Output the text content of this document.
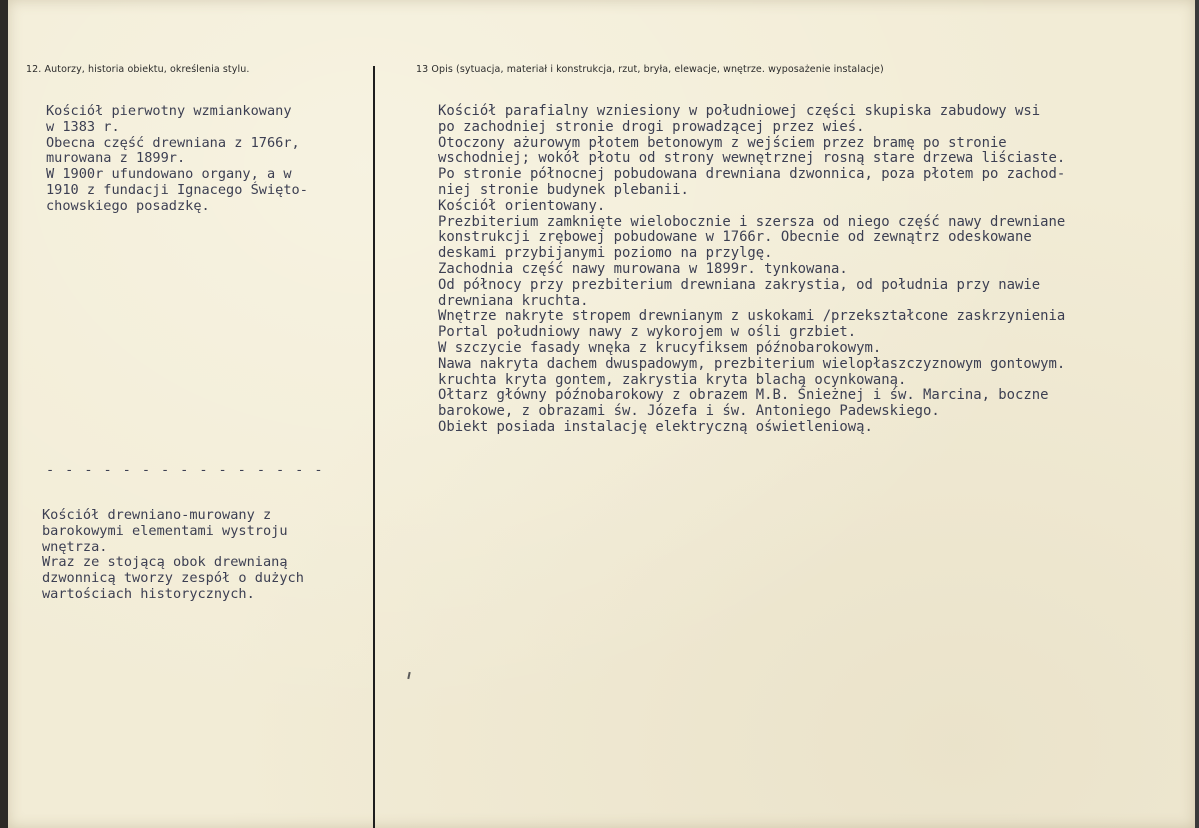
12. Autorzy, historia obiektu, określenia stylu.	13 Opis (sytuacja, materiał i konstrukcja, rzut, bryła, elewacje, wnętrze. wyposażenie instalacje)
Kościół pierwotny wzmiankowany
w 1383 r.
Obecna część drewniana z 1766r,
murowana z 1899r.
W 1900r ufundowano organy, a w
1910 z fundacji Ignacego Święto-
chowskiego posadzkę.
- - - - - - - - - - - - - - -
Kościół drewniano-murowany z
barokowymi elementami wystroju
wnętrza.
Wraz ze stojącą obok drewnianą
dzwonnicą tworzy zespół o dużych
wartościach historycznych.
Kościół parafialny wzniesiony w południowej części skupiska zabudowy wsi
po zachodniej stronie drogi prowadzącej przez wieś.
Otoczony ażurowym płotem betonowym z wejściem przez bramę po stronie
wschodniej; wokół płotu od strony wewnętrznej rosną stare drzewa liściaste.
Po stronie północnej pobudowana drewniana dzwonnica, poza płotem po zachod-
niej stronie budynek plebanii.
Kościół orientowany.
Prezbiterium zamknięte wielobocznie i szersza od niego część nawy drewniane
konstrukcji zrębowej pobudowane w 1766r. Obecnie od zewnątrz odeskowane
deskami przybijanymi poziomo na przylgę.
Zachodnia część nawy murowana w 1899r. tynkowana.
Od północy przy prezbiterium drewniana zakrystia, od południa przy nawie
drewniana kruchta.
Wnętrze nakryte stropem drewnianym z uskokami /przekształcone zaskrzynienia
Portal południowy nawy z wykorojem w ośli grzbiet.
W szczycie fasady wnęka z krucyfiksem późnobarokowym.
Nawa nakryta dachem dwuspadowym, prezbiterium wielopłaszczyznowym gontowym.
kruchta kryta gontem, zakrystia kryta blachą ocynkowaną.
Ołtarz główny późnobarokowy z obrazem M.B. Śnieżnej i św. Marcina, boczne
barokowe, z obrazami św. Józefa i św. Antoniego Padewskiego.
Obiekt posiada instalację elektryczną oświetleniową.
